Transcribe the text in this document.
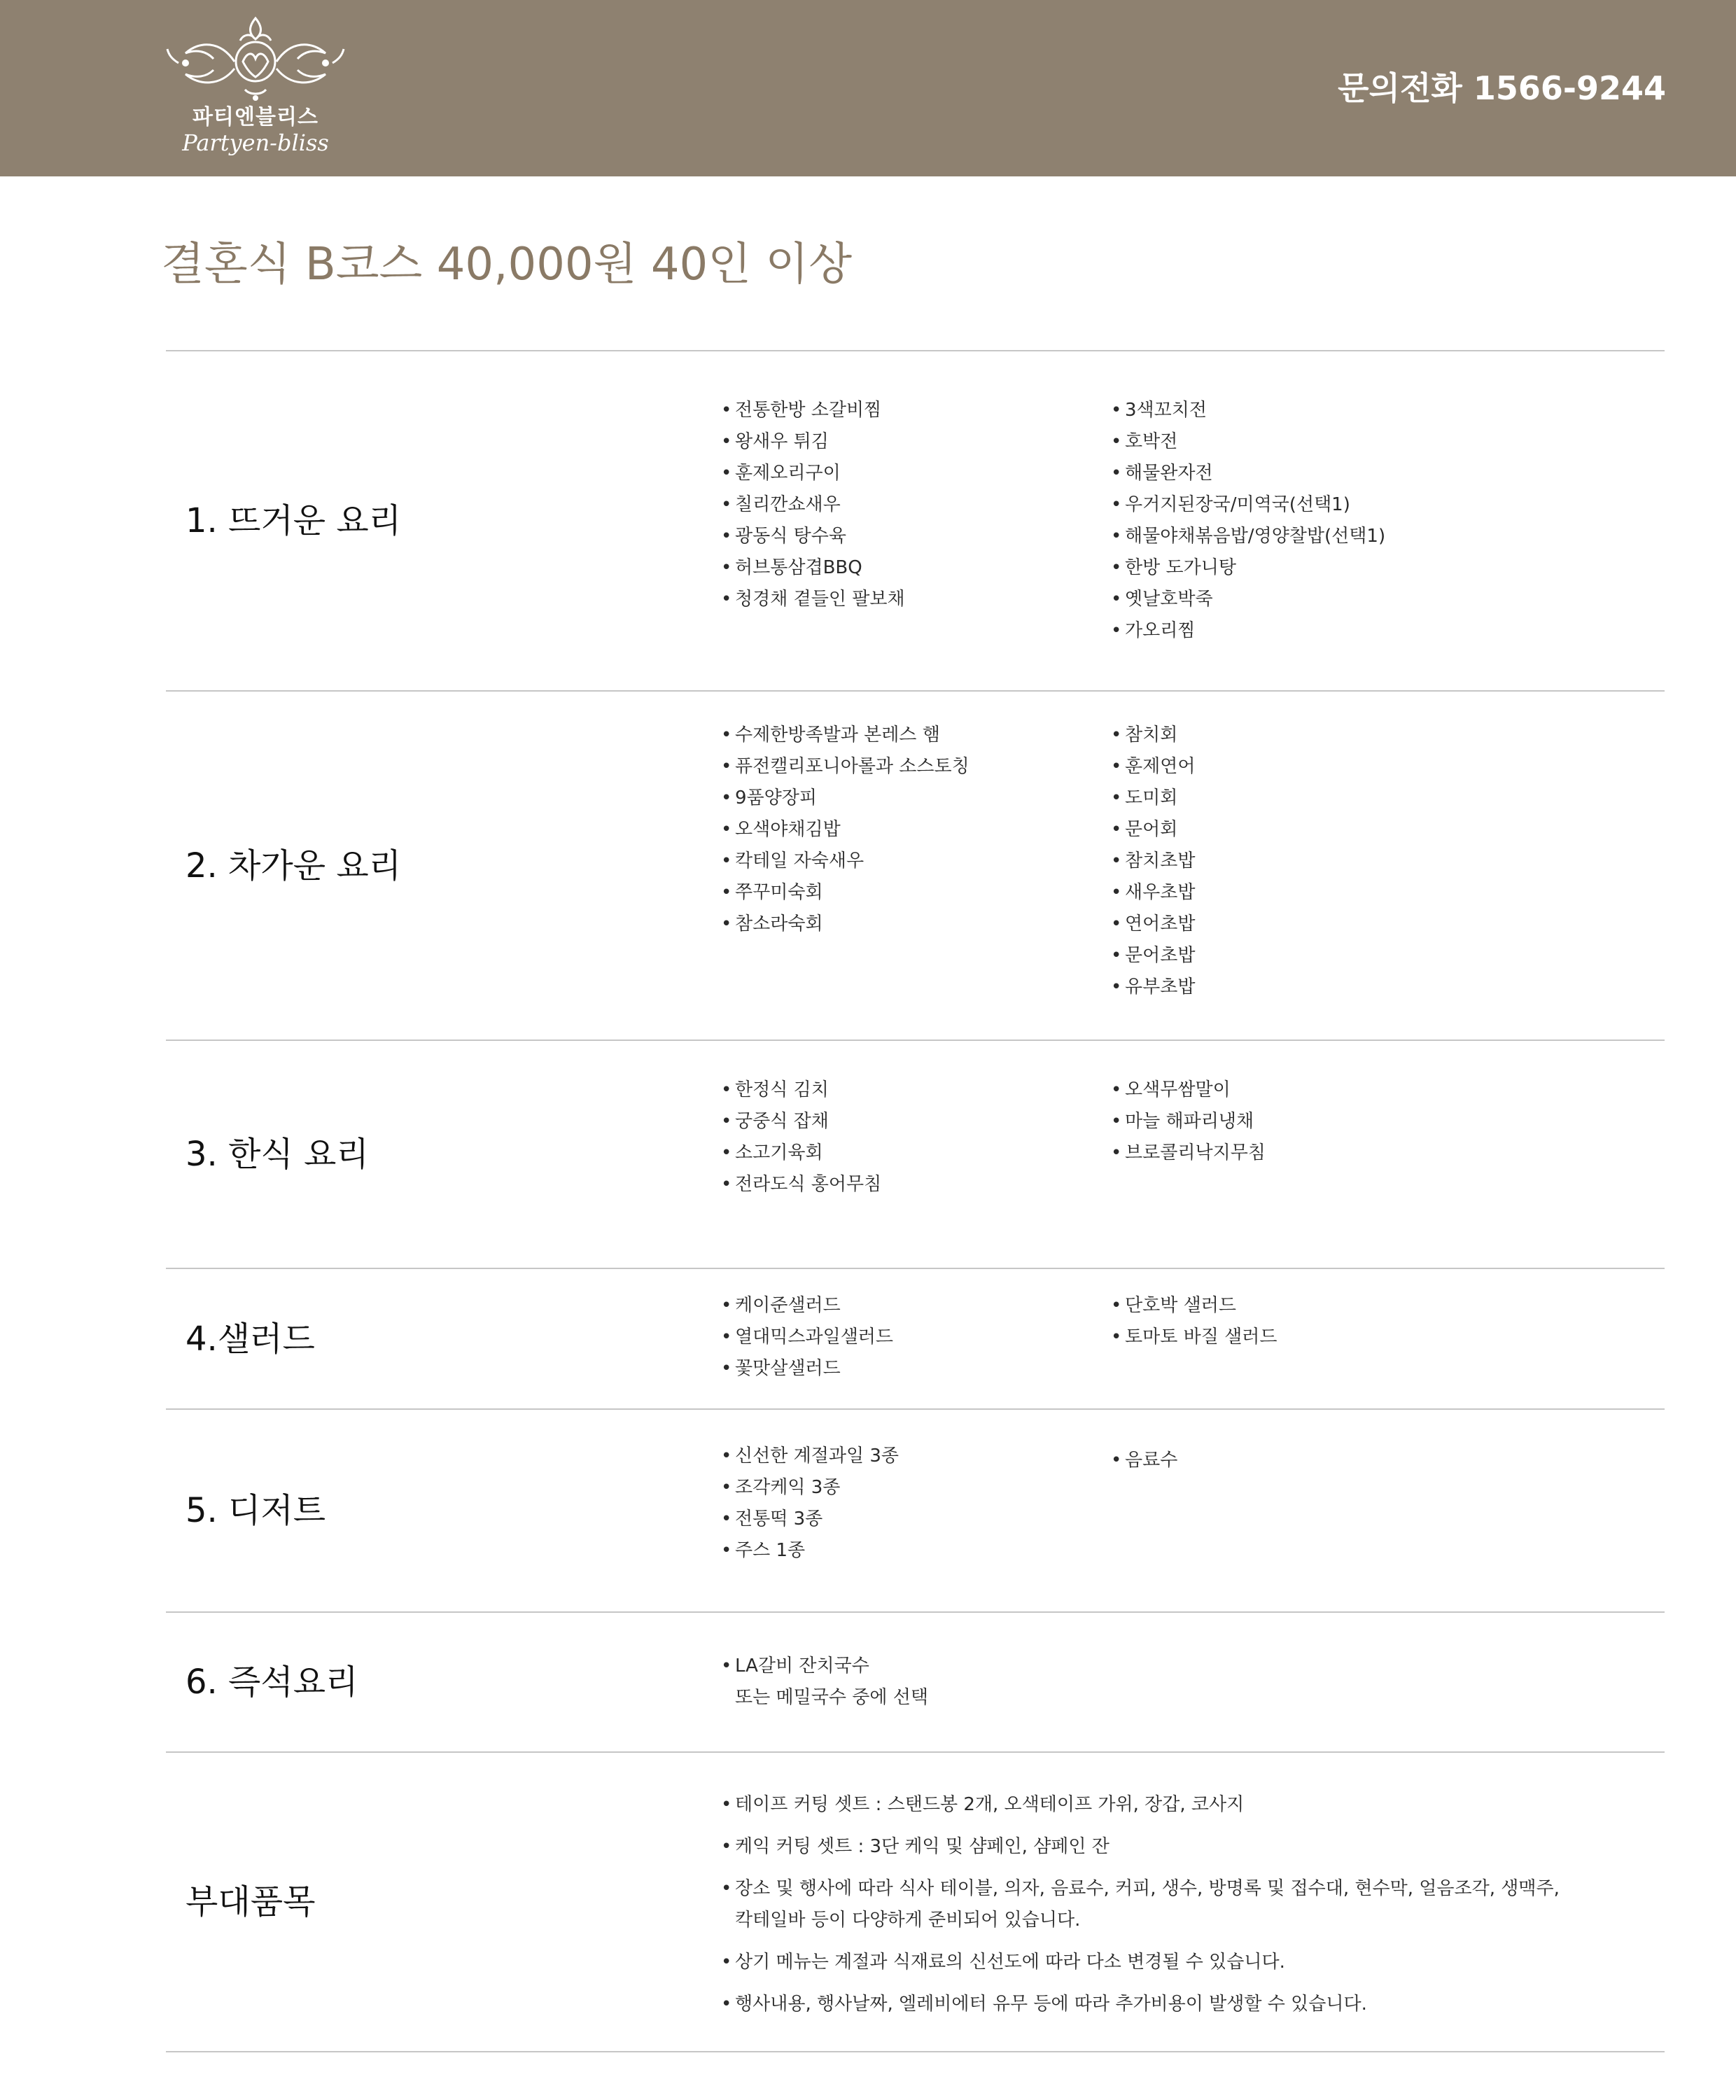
파티엔블리스
Partyen-bliss
문의전화 1566-9244
결혼식 B코스 40,000원 40인 이상
1. 뜨거운 요리
• 전통한방 소갈비찜
• 왕새우 튀김
• 훈제오리구이
• 칠리깐쇼새우
• 광동식 탕수육
• 허브통삼겹BBQ
• 청경채 곁들인 팔보채
• 3색꼬치전
• 호박전
• 해물완자전
• 우거지된장국/미역국(선택1)
• 해물야채볶음밥/영양찰밥(선택1)
• 한방 도가니탕
• 옛날호박죽
• 가오리찜
2. 차가운 요리
• 수제한방족발과 본레스 햄
• 퓨전캘리포니아롤과 소스토칭
• 9품양장피
• 오색야채김밥
• 칵테일 자숙새우
• 쭈꾸미숙회
• 참소라숙회
• 참치회
• 훈제연어
• 도미회
• 문어회
• 참치초밥
• 새우초밥
• 연어초밥
• 문어초밥
• 유부초밥
3. 한식 요리
• 한정식 김치
• 궁중식 잡채
• 소고기육회
• 전라도식 홍어무침
• 오색무쌈말이
• 마늘 해파리냉채
• 브로콜리낙지무침
4.샐러드
• 케이준샐러드
• 열대믹스과일샐러드
• 꽃맛살샐러드
• 단호박 샐러드
• 토마토 바질 샐러드
5. 디저트
• 신선한 계절과일 3종
• 조각케익 3종
• 전통떡 3종
• 주스 1종
• 음료수
6. 즉석요리
•	LA갈비 잔치국수
또는 메밀국수 중에 선택
부대품목
• 테이프 커팅 셋트 : 스탠드봉 2개, 오색테이프 가위, 장갑, 코사지
• 케익 커팅 셋트 : 3단 케익 및 샴페인, 샴페인 잔
• 장소 및 행사에 따라 식사 테이블, 의자, 음료수, 커피, 생수, 방명록 및 접수대, 현수막, 얼음조각, 생맥주,
칵테일바 등이 다양하게 준비되어 있습니다.
• 상기 메뉴는 계절과 식재료의 신선도에 따라 다소 변경될 수 있습니다.
• 행사내용, 행사날짜, 엘레비에터 유무 등에 따라 추가비용이 발생할 수 있습니다.
